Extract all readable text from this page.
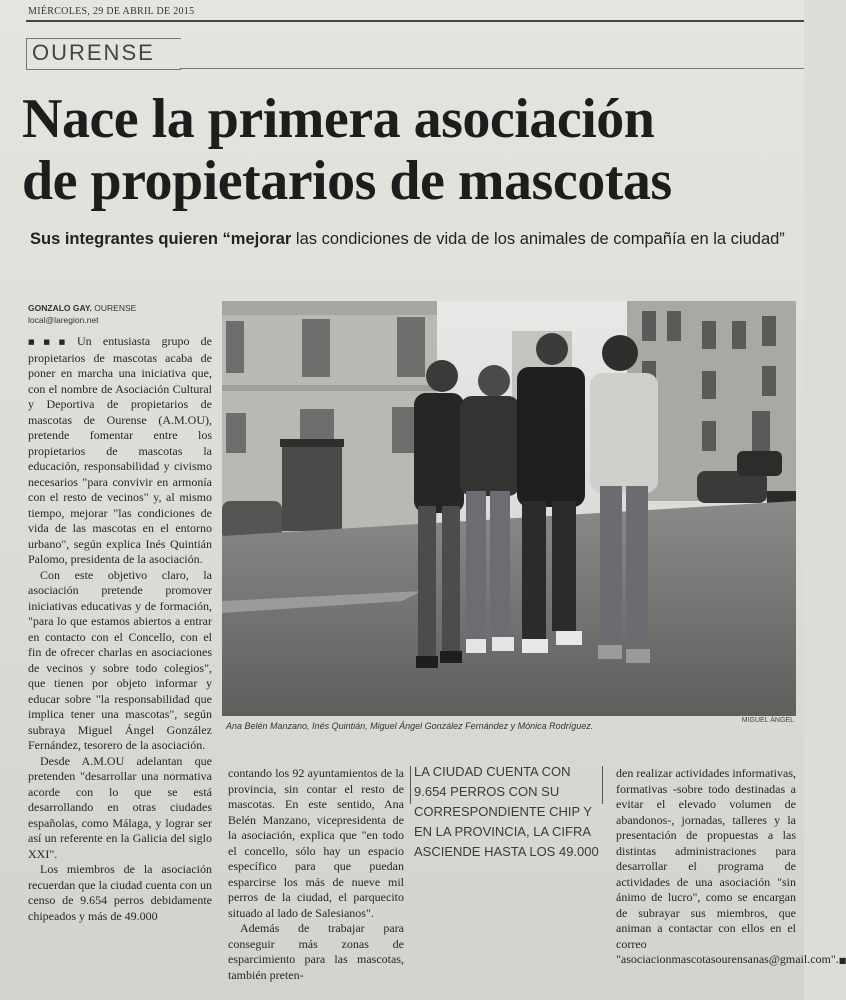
MIÉRCOLES, 29 DE ABRIL DE 2015
OURENSE
Nace la primera asociación
de propietarios de mascotas
Sus integrantes quieren “mejorar las condiciones de vida de los animales de compañía en la ciudad”
GONZALO GAY. OURENSE
local@laregion.net
Ana Belén Manzano, Inés Quintián, Miguel Ángel González Fernández y Mónica Rodríguez.
MIGUEL ÁNGEL

■■■ Un entusiasta grupo de propietarios de mascotas acaba de poner en marcha una iniciativa que, con el nombre de Asociación Cultural y Deportiva de propietarios de mascotas de Ourense (A.M.OU), pretende fomentar entre los propietarios de mascotas la educación, responsabilidad y civismo necesarios "para convivir en armonía con el resto de vecinos" y, al mismo tiempo, mejorar "las condiciones de vida de las mascotas en el entorno urbano", según explica Inés Quintián Palomo, presidenta de la asociación.

Con este objetivo claro, la asociación pretende promover iniciativas educativas y de formación, "para lo que estamos abiertos a entrar en contacto con el Concello, con el fin de ofrecer charlas en asociaciones de vecinos y sobre todo colegios", que tienen por objeto informar y educar sobre "la responsabilidad que implica tener una mascotas", según subraya Miguel Ángel González Fernández, tesorero de la asociación.

Desde A.M.OU adelantan que pretenden "desarrollar una normativa acorde con lo que se está desarrollando en otras ciudades españolas, como Málaga, y lograr ser así un referente en la Galicia del siglo XXI".

Los miembros de la asociación recuerdan que la ciudad cuenta con un censo de 9.654 perros debidamente chipeados y más de 49.000

contando los 92 ayuntamientos de la provincia, sin contar el resto de mascotas. En este sentido, Ana Belén Manzano, vicepresidenta de la asociación, explica que "en todo el concello, sólo hay un espacio específico para que puedan esparcirse los más de nueve mil perros de la ciudad, el parquecito situado al lado de Salesianos".

Además de trabajar para conseguir más zonas de esparcimiento para las mascotas, también preten-

LA CIUDAD CUENTA CON 9.654 PERROS CON SU CORRESPONDIENTE CHIP Y EN LA PROVINCIA, LA CIFRA ASCIENDE HASTA LOS 49.000

den realizar actividades informativas, formativas -sobre todo destinadas a evitar el elevado volumen de abandonos-, jornadas, talleres y la presentación de propuestas a las distintas administraciones para desarrollar el programa de actividades de una asociación "sin ánimo de lucro", como se encargan de subrayar sus miembros, que animan a contactar con ellos en el correo "asociacionmascotasourensanas@gmail.com".■
